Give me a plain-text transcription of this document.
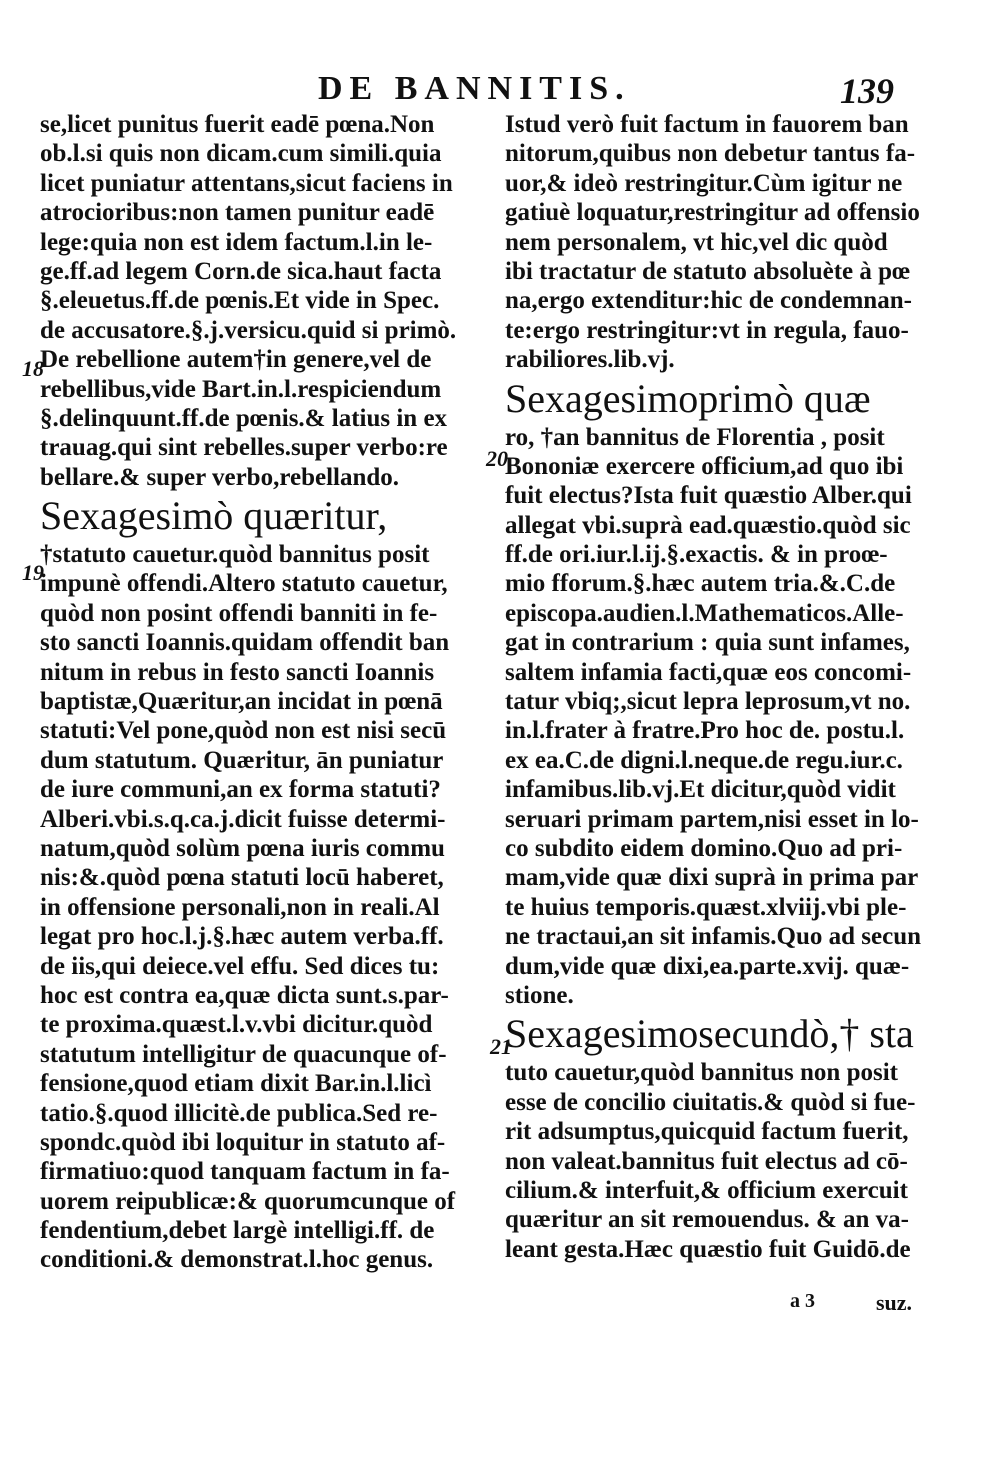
DE BANNITIS.	139
se,licet punitus fuerit eadē pœna.Non
ob.l.si quis non dicam.cum simili.quia
licet puniatur attentans,sicut faciens in
atrocioribus:non tamen punitur eadē
lege:quia non est idem factum.l.in le-
ge.ff.ad legem Corn.de sica.haut facta
§.eleuetus.ff.de pœnis.Et vide in Spec.
de accusatore.§.j.versicu.quid si primò.
De rebellione autem†in genere,vel de
rebellibus,vide Bart.in.l.respiciendum
§.delinquunt.ff.de pœnis.& latius in ex
trauag.qui sint rebelles.super verbo:re
bellare.& super verbo,rebellando.
Sexagesimò quæritur,
†statuto cauetur.quòd bannitus posit
impunè offendi.Altero statuto cauetur,
quòd non posint offendi banniti in fe-
sto sancti Ioannis.quidam offendit ban
nitum in rebus in festo sancti Ioannis
baptistæ,Quæritur,an incidat in pœnā
statuti:Vel pone,quòd non est nisi secū
dum statutum. Quæritur, ān puniatur
de iure communi,an ex forma statuti?
Alberi.vbi.s.q.ca.j.dicit fuisse determi-
natum,quòd solùm pœna iuris commu
nis:&.quòd pœna statuti locū haberet,
in offensione personali,non in reali.Al
legat pro hoc.l.j.§.hæc autem verba.ff.
de iis,qui deiece.vel effu. Sed dices tu:
hoc est contra ea,quæ dicta sunt.s.par-
te proxima.quæst.l.v.vbi dicitur.quòd
statutum intelligitur de quacunque of-
fensione,quod etiam dixit Bar.in.l.licì
tatio.§.quod illicitè.de publica.Sed re-
spondc.quòd ibi loquitur in statuto af-
firmatiuo:quod tanquam factum in fa-
uorem reipublicæ:& quorumcunque of
fendentium,debet largè intelligi.ff. de
conditioni.& demonstrat.l.hoc genus.
18
19
Istud verò fuit factum in fauorem ban
nitorum,quibus non debetur tantus fa-
uor,& ideò restringitur.Cùm igitur ne
gatiuè loquatur,restringitur ad offensio
nem personalem, vt hic,vel dic quòd
ibi tractatur de statuto absoluète à pœ
na,ergo extenditur:hic de condemnan-
te:ergo restringitur:vt in regula, fauo-
rabiliores.lib.vj.
Sexagesimoprimò quæ
ro, †an bannitus de Florentia , posit
Bononiæ exercere officium,ad quo ibi
fuit electus?Ista fuit quæstio Alber.qui
allegat vbi.suprà ead.quæstio.quòd sic
ff.de ori.iur.l.ij.§.exactis. & in proœ-
mio fforum.§.hæc autem tria.&.C.de
episcopa.audien.l.Mathematicos.Alle-
gat in contrarium : quia sunt infames,
saltem infamia facti,quæ eos concomi-
tatur vbiq;,sicut lepra leprosum,vt no.
in.l.frater à fratre.Pro hoc de. postu.l.
ex ea.C.de digni.l.neque.de regu.iur.c.
infamibus.lib.vj.Et dicitur,quòd vidit
seruari primam partem,nisi esset in lo-
co subdito eidem domino.Quo ad pri-
mam,vide quæ dixi suprà in prima par
te huius temporis.quæst.xlviij.vbi ple-
ne tractaui,an sit infamis.Quo ad secun
dum,vide quæ dixi,ea.parte.xvij. quæ-
stione.
Sexagesimosecundò,† sta
tuto cauetur,quòd bannitus non posit
esse de concilio ciuitatis.& quòd si fue-
rit adsumptus,quicquid factum fuerit,
non valeat.bannitus fuit electus ad cō-
cilium.& interfuit,& officium exercuit
quæritur an sit remouendus. & an va-
leant gesta.Hæc quæstio fuit Guidō.de
20
21
a 3	suz.
